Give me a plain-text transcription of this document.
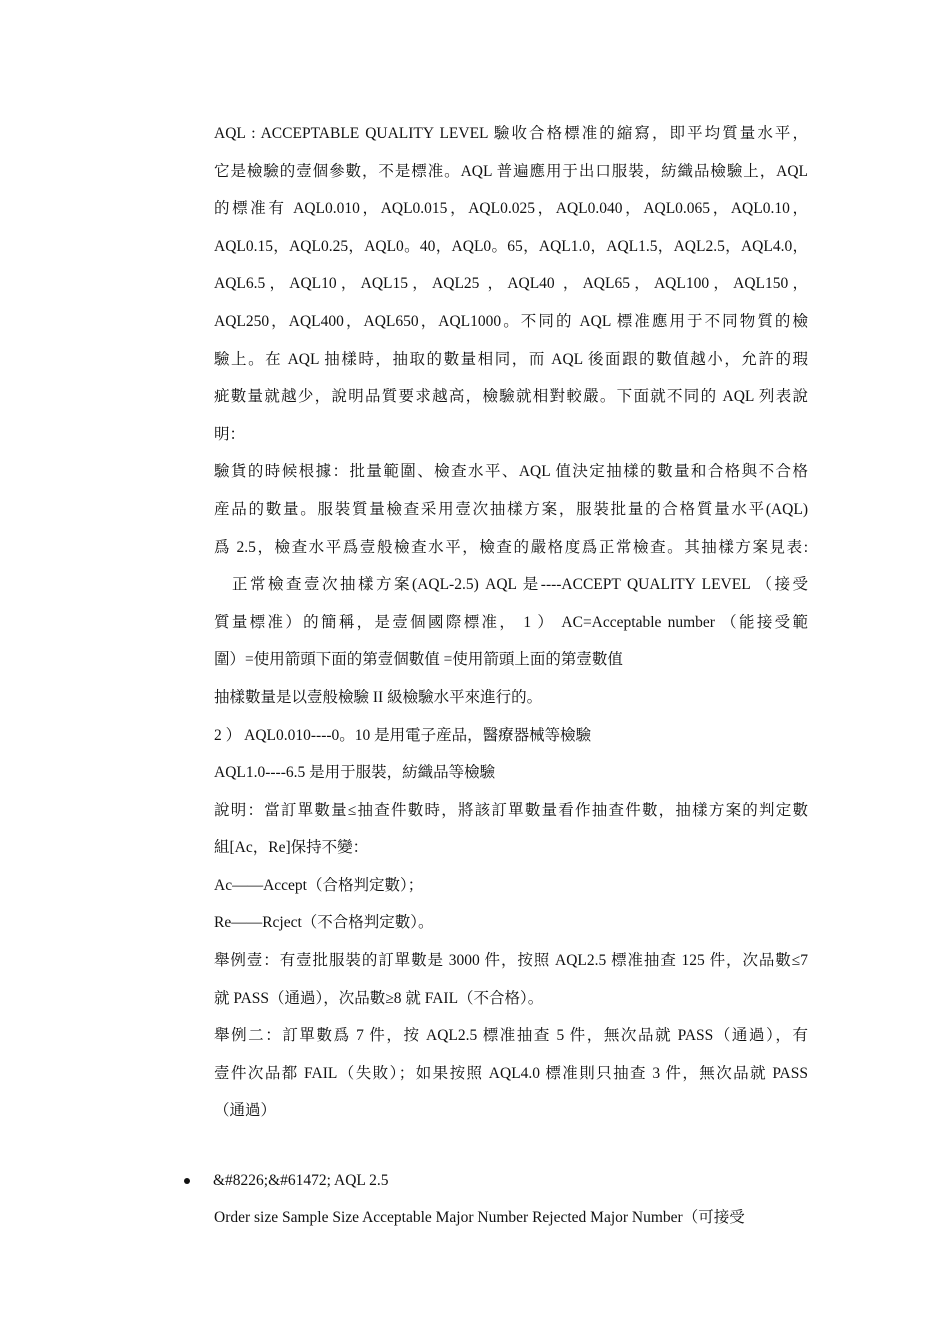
AQL : ACCEPTABLE QUALITY LEVEL 驗收合格標准的縮寫，即平均質量水平，
它是檢驗的壹個參數，不是標准。AQL 普遍應用于出口服裝，紡織品檢驗上，AQL
的標准有 AQL0.010，AQL0.015，AQL0.025，AQL0.040，AQL0.065，AQL0.10，
AQL0.15，AQL0.25，AQL0。40，AQL0。65，AQL1.0，AQL1.5，AQL2.5，AQL4.0，
AQL6.5，AQL10，AQL15，AQL25 ，AQL40 ，AQL65，AQL100，AQL150，
AQL250，AQL400，AQL650，AQL1000。不同的 AQL 標准應用于不同物質的檢
驗上。在 AQL 抽樣時，抽取的數量相同，而 AQL 後面跟的數值越小，允許的瑕
疵數量就越少，說明品質要求越高，檢驗就相對較嚴。下面就不同的 AQL 列表說
明：
驗貨的時候根據：批量範圍、檢查水平、AQL 值決定抽樣的數量和合格與不合格
産品的數量。服裝質量檢查采用壹次抽樣方案，服裝批量的合格質量水平(AQL)
爲 2.5，檢查水平爲壹般檢查水平，檢查的嚴格度爲正常檢查。其抽樣方案見表:
正常檢查壹次抽樣方案(AQL-2.5) AQL 是----ACCEPT QUALITY LEVEL （接受
質量標准）的簡稱，是壹個國際標准， 1 ） AC=Acceptable number （能接受範
圍）=使用箭頭下面的第壹個數值 =使用箭頭上面的第壹數值
抽樣數量是以壹般檢驗 II 級檢驗水平來進行的。
2 ） AQL0.010----0。10 是用電子産品，醫療器械等檢驗
AQL1.0----6.5 是用于服裝，紡織品等檢驗
說明：當訂單數量≤抽查件數時，將該訂單數量看作抽查件數，抽樣方案的判定數
組[Ac，Re]保持不變：
Ac——Accept（合格判定數）；
Re——Rcject（不合格判定數）。
舉例壹：有壹批服裝的訂單數是 3000 件，按照 AQL2.5 標准抽查 125 件，次品數≤7
就 PASS（通過），次品數≥8 就 FAIL（不合格）。
舉例二：訂單數爲 7 件，按 AQL2.5 標准抽查 5 件，無次品就 PASS（通過），有
壹件次品都 FAIL（失敗）；如果按照 AQL4.0 標准則只抽查 3 件，無次品就 PASS
（通過）
&#8226;&#61472; AQL 2.5
Order size Sample Size Acceptable Major Number Rejected Major Number（可接受
